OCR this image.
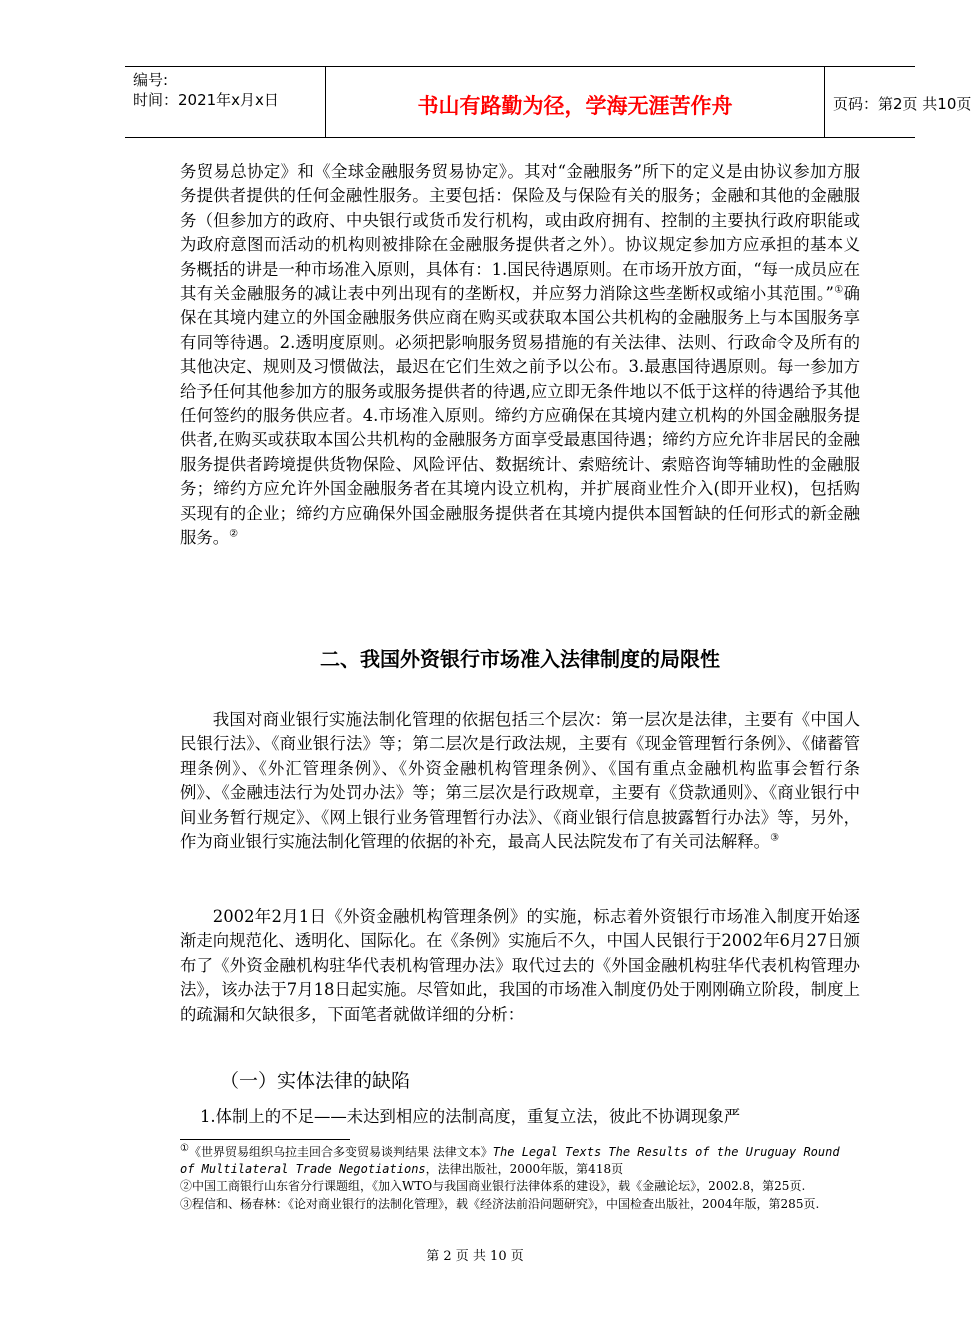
编号:
时间：2021年x月x日	书山有路勤为径，学海无涯苦作舟	页码：第2页 共10页

务贸易总协定》和《全球金融服务贸易协定》。其对“金融服务”所下的定义是由协议参加方服务提供者提供的任何金融性服务。主要包括：保险及与保险有关的服务；金融和其他的金融服务（但参加方的政府、中央银行或货币发行机构，或由政府拥有、控制的主要执行政府职能或为政府意图而活动的机构则被排除在金融服务提供者之外）。协议规定参加方应承担的基本义务概括的讲是一种市场准入原则，具体有：1.国民待遇原则。在市场开放方面，“每一成员应在其有关金融服务的减让表中列出现有的垄断权，并应努力消除这些垄断权或缩小其范围。”①确保在其境内建立的外国金融服务供应商在购买或获取本国公共机构的金融服务上与本国服务享有同等待遇。2.透明度原则。必须把影响服务贸易措施的有关法律、法则、行政命令及所有的其他决定、规则及习惯做法，最迟在它们生效之前予以公布。3.最惠国待遇原则。每一参加方给予任何其他参加方的服务或服务提供者的待遇,应立即无条件地以不低于这样的待遇给予其他任何签约的服务供应者。4.市场准入原则。缔约方应确保在其境内建立机构的外国金融服务提供者,在购买或获取本国公共机构的金融服务方面享受最惠国待遇；缔约方应允许非居民的金融服务提供者跨境提供货物保险、风险评估、数据统计、索赔统计、索赔咨询等辅助性的金融服务；缔约方应允许外国金融服务者在其境内设立机构，并扩展商业性介入(即开业权)，包括购买现有的企业；缔约方应确保外国金融服务提供者在其境内提供本国暂缺的任何形式的新金融服务。②

二、我国外资银行市场准入法律制度的局限性

我国对商业银行实施法制化管理的依据包括三个层次：第一层次是法律，主要有《中国人民银行法》、《商业银行法》等；第二层次是行政法规，主要有《现金管理暂行条例》、《储蓄管理条例》、《外汇管理条例》、《外资金融机构管理条例》、《国有重点金融机构监事会暂行条例》、《金融违法行为处罚办法》等；第三层次是行政规章，主要有《贷款通则》、《商业银行中间业务暂行规定》、《网上银行业务管理暂行办法》、《商业银行信息披露暂行办法》等，另外，作为商业银行实施法制化管理的依据的补充，最高人民法院发布了有关司法解释。③

2002年2月1日《外资金融机构管理条例》的实施，标志着外资银行市场准入制度开始逐渐走向规范化、透明化、国际化。在《条例》实施后不久，中国人民银行于2002年6月27日颁布了《外资金融机构驻华代表机构管理办法》取代过去的《外国金融机构驻华代表机构管理办法》，该办法于7月18日起实施。尽管如此，我国的市场准入制度仍处于刚刚确立阶段，制度上的疏漏和欠缺很多，下面笔者就做详细的分析：

（一）实体法律的缺陷
1.体制上的不足——未达到相应的法制高度，重复立法，彼此不协调现象严

①《世界贸易组织乌拉圭回合多变贸易谈判结果 法律文本》The Legal Texts The Results of the Uruguay Round of Multilateral Trade Negotiations，法律出版社，2000年版，第418页

②中国工商银行山东省分行课题组，《加入WTO与我国商业银行法律体系的建设》，载《金融论坛》，2002.8，第25页.

③程信和、杨春林：《论对商业银行的法制化管理》，载《经济法前沿问题研究》，中国检查出版社，2004年版，第285页.

第 2 页 共 10 页
